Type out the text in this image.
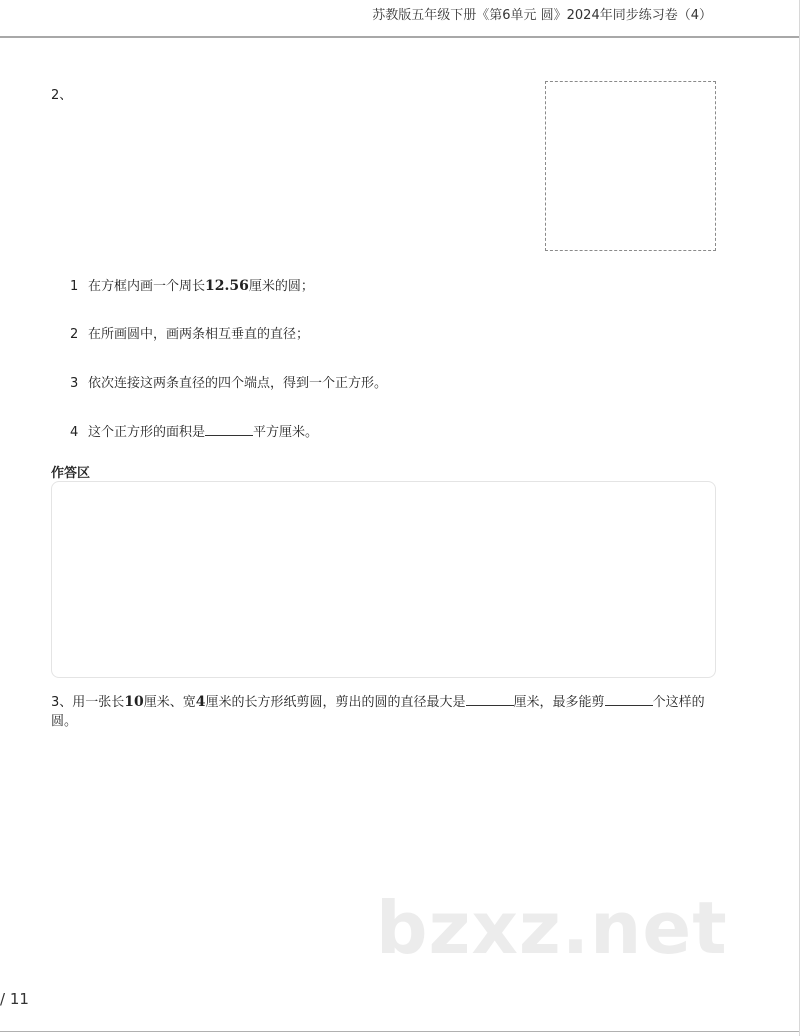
苏教版五年级下册《第6单元 圆》2024年同步练习卷（4）
2、
1 在方框内画一个周长12.56厘米的圆；
2 在所画圆中，画两条相互垂直的直径；
3 依次连接这两条直径的四个端点，得到一个正方形。
4 这个正方形的面积是	平方厘米。
作答区
3、用一张长10厘米、宽4厘米的长方形纸剪圆，剪出的圆的直径最大是	厘米，最多能剪	个这样的圆。
bzxz.net
/ 11
